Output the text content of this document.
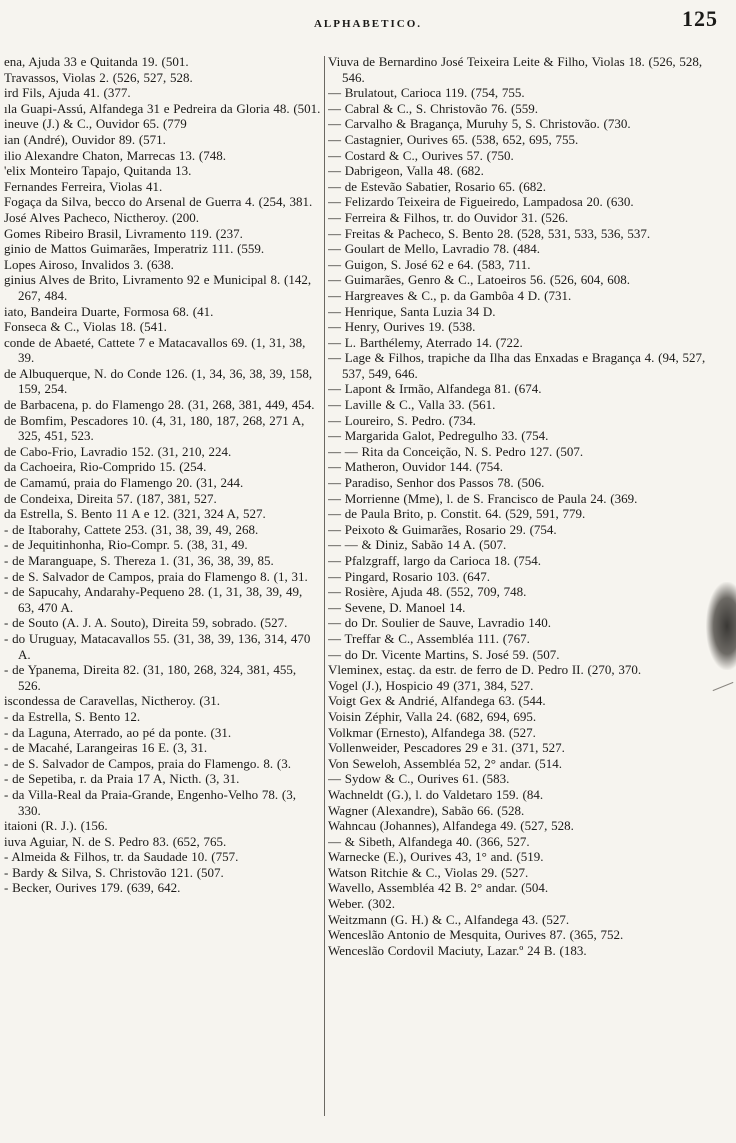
ALPHABETICO.	125
ena, Ajuda 33 e Quitanda 19. (501.
Travassos, Violas 2. (526, 527, 528.
ird Fils, Ajuda 41. (377.
ıla Guapi-Assú, Alfandega 31 e Pedreira da Gloria 48. (501.
ineuve (J.) & C., Ouvidor 65. (779
ian (André), Ouvidor 89. (571.
ilio Alexandre Chaton, Marrecas 13. (748.
'elix Monteiro Tapajo, Quitanda 13.
Fernandes Ferreira, Violas 41.
Fogaça da Silva, becco do Arsenal de Guerra 4. (254, 381.
José Alves Pacheco, Nictheroy. (200.
Gomes Ribeiro Brasil, Livramento 119. (237.
ginio de Mattos Guimarães, Imperatriz 111. (559.
Lopes Airoso, Invalidos 3. (638.
ginius Alves de Brito, Livramento 92 e Municipal 8. (142, 267, 484.
iato, Bandeira Duarte, Formosa 68. (41.
Fonseca & C., Violas 18. (541.
conde de Abaeté, Cattete 7 e Matacavallos 69. (1, 31, 38, 39.
de Albuquerque, N. do Conde 126. (1, 34, 36, 38, 39, 158, 159, 254.
de Barbacena, p. do Flamengo 28. (31, 268, 381, 449, 454.
de Bomfim, Pescadores 10. (4, 31, 180, 187, 268, 271 A, 325, 451, 523.
de Cabo-Frio, Lavradio 152. (31, 210, 224.
da Cachoeira, Rio-Comprido 15. (254.
de Camamú, praia do Flamengo 20. (31, 244.
de Condeixa, Direita 57. (187, 381, 527.
da Estrella, S. Bento 11 A e 12. (321, 324 A, 527.
- de Itaborahy, Cattete 253. (31, 38, 39, 49, 268.
- de Jequitinhonha, Rio-Compr. 5. (38, 31, 49.
- de Maranguape, S. Thereza 1. (31, 36, 38, 39, 85.
- de S. Salvador de Campos, praia do Flamengo 8. (1, 31.
- de Sapucahy, Andarahy-Pequeno 28. (1, 31, 38, 39, 49, 63, 470 A.
- de Souto (A. J. A. Souto), Direita 59, sobrado. (527.
- do Uruguay, Matacavallos 55. (31, 38, 39, 136, 314, 470 A.
- de Ypanema, Direita 82. (31, 180, 268, 324, 381, 455, 526.
iscondessa de Caravellas, Nictheroy. (31.
- da Estrella, S. Bento 12.
- da Laguna, Aterrado, ao pé da ponte. (31.
- de Macahé, Larangeiras 16 E. (3, 31.
- de S. Salvador de Campos, praia do Flamengo. 8. (3.
- de Sepetiba, r. da Praia 17 A, Nicth. (3, 31.
- da Villa-Real da Praia-Grande, Engenho-Velho 78. (3, 330.
itaioni (R. J.). (156.
iuva Aguiar, N. de S. Pedro 83. (652, 765.
- Almeida & Filhos, tr. da Saudade 10. (757.
- Bardy & Silva, S. Christovão 121. (507.
- Becker, Ourives 179. (639, 642.
Viuva de Bernardino José Teixeira Leite & Filho, Violas 18. (526, 528, 546.
— Brulatout, Carioca 119. (754, 755.
— Cabral & C., S. Christovão 76. (559.
— Carvalho & Bragança, Muruhy 5, S. Christovão. (730.
— Castagnier, Ourives 65. (538, 652, 695, 755.
— Costard & C., Ourives 57. (750.
— Dabrigeon, Valla 48. (682.
— de Estevão Sabatier, Rosario 65. (682.
— Felizardo Teixeira de Figueiredo, Lampadosa 20. (630.
— Ferreira & Filhos, tr. do Ouvidor 31. (526.
— Freitas & Pacheco, S. Bento 28. (528, 531, 533, 536, 537.
— Goulart de Mello, Lavradio 78. (484.
— Guigon, S. José 62 e 64. (583, 711.
— Guimarães, Genro & C., Latoeiros 56. (526, 604, 608.
— Hargreaves & C., p. da Gambôa 4 D. (731.
— Henrique, Santa Luzia 34 D.
— Henry, Ourives 19. (538.
— L. Barthélemy, Aterrado 14. (722.
— Lage & Filhos, trapiche da Ilha das Enxadas e Bragança 4. (94, 527, 537, 549, 646.
— Lapont & Irmão, Alfandega 81. (674.
— Laville & C., Valla 33. (561.
— Loureiro, S. Pedro. (734.
— Margarida Galot, Pedregulho 33. (754.
— — Rita da Conceição, N. S. Pedro 127. (507.
— Matheron, Ouvidor 144. (754.
— Paradiso, Senhor dos Passos 78. (506.
— Morrienne (Mme), l. de S. Francisco de Paula 24. (369.
— de Paula Brito, p. Constit. 64. (529, 591, 779.
— Peixoto & Guimarães, Rosario 29. (754.
— — & Diniz, Sabão 14 A. (507.
— Pfalzgraff, largo da Carioca 18. (754.
— Pingard, Rosario 103. (647.
— Rosière, Ajuda 48. (552, 709, 748.
— Sevene, D. Manoel 14.
— do Dr. Soulier de Sauve, Lavradio 140.
— Treffar & C., Assembléa 111. (767.
— do Dr. Vicente Martins, S. José 59. (507.
Vleminex, estaç. da estr. de ferro de D. Pedro II. (270, 370.
Vogel (J.), Hospicio 49 (371, 384, 527.
Voigt Gex & Andrié, Alfandega 63. (544.
Voisin Zéphir, Valla 24. (682, 694, 695.
Volkmar (Ernesto), Alfandega 38. (527.
Vollenweider, Pescadores 29 e 31. (371, 527.
Von Seweloh, Assembléa 52, 2° andar. (514.
— Sydow & C., Ourives 61. (583.
Wachneldt (G.), l. do Valdetaro 159. (84.
Wagner (Alexandre), Sabão 66. (528.
Wahncau (Johannes), Alfandega 49. (527, 528.
— & Sibeth, Alfandega 40. (366, 527.
Warnecke (E.), Ourives 43, 1° and. (519.
Watson Ritchie & C., Violas 29. (527.
Wavello, Assembléa 42 B. 2° andar. (504.
Weber. (302.
Weitzmann (G. H.) & C., Alfandega 43. (527.
Wenceslão Antonio de Mesquita, Ourives 87. (365, 752.
Wenceslão Cordovil Maciuty, Lazar.º 24 B. (183.
